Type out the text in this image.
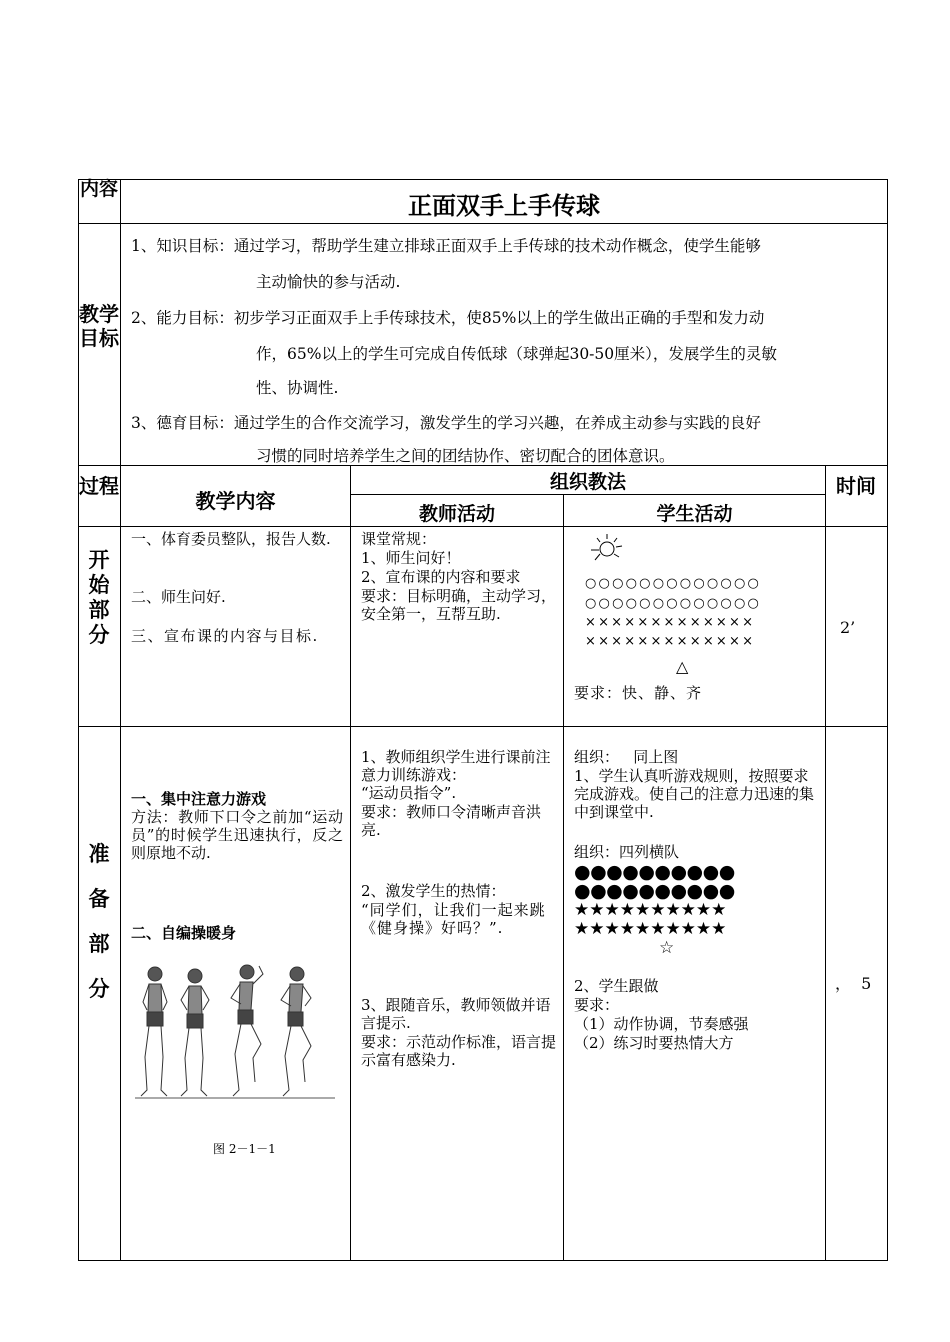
内容
正面双手上手传球
教学目标
1、知识目标：通过学习，帮助学生建立排球正面双手上手传球的技术动作概念，使学生能够
主动愉快的参与活动.
2、能力目标：初步学习正面双手上手传球技术，使85%以上的学生做出正确的手型和发力动
作，65%以上的学生可完成自传低球（球弹起30-50厘米），发展学生的灵敏
性、协调性.
3、德育目标：通过学生的合作交流学习，激发学生的学习兴趣，在养成主动参与实践的良好
习惯的同时培养学生之间的团结协作、密切配合的团体意识。
过程
教学内容
组织教法
教师活动	学生活动
时间
开始部分
一、体育委员整队，报告人数.
二、师生问好.
三、宣布课的内容与目标.
课堂常规：
1、师生问好！
2、宣布课的内容和要求
要求：目标明确，主动学习，安全第一，互帮互助.
○○○○○○○○○○○○○
○○○○○○○○○○○○○
×××××××××××××
×××××××××××××
△
要求：快、静、齐
2’
准备部分
一、集中注意力游戏
方法：教师下口令之前加“运动员”的时候学生迅速执行，反之则原地不动.
二、自编操暖身
图 2－1－1
1、教师组织学生进行课前注意力训练游戏：
“运动员指令”.
要求：教师口令清晰声音洪亮.
2、激发学生的热情：
“同学们，让我们一起来跳《健身操》好吗？”.
3、跟随音乐，教师领做并语言提示.
要求：示范动作标准，语言提示富有感染力.
组织：   同上图
1、学生认真听游戏规则，按照要求完成游戏。使自己的注意力迅速的集中到课堂中.
组织：四列横队
●●●●●●●●●●
●●●●●●●●●●
★★★★★★★★★★
★★★★★★★★★★
☆
2、学生跟做
要求：
（1）动作协调，节奏感强
（2）练习时要热情大方
，  5
